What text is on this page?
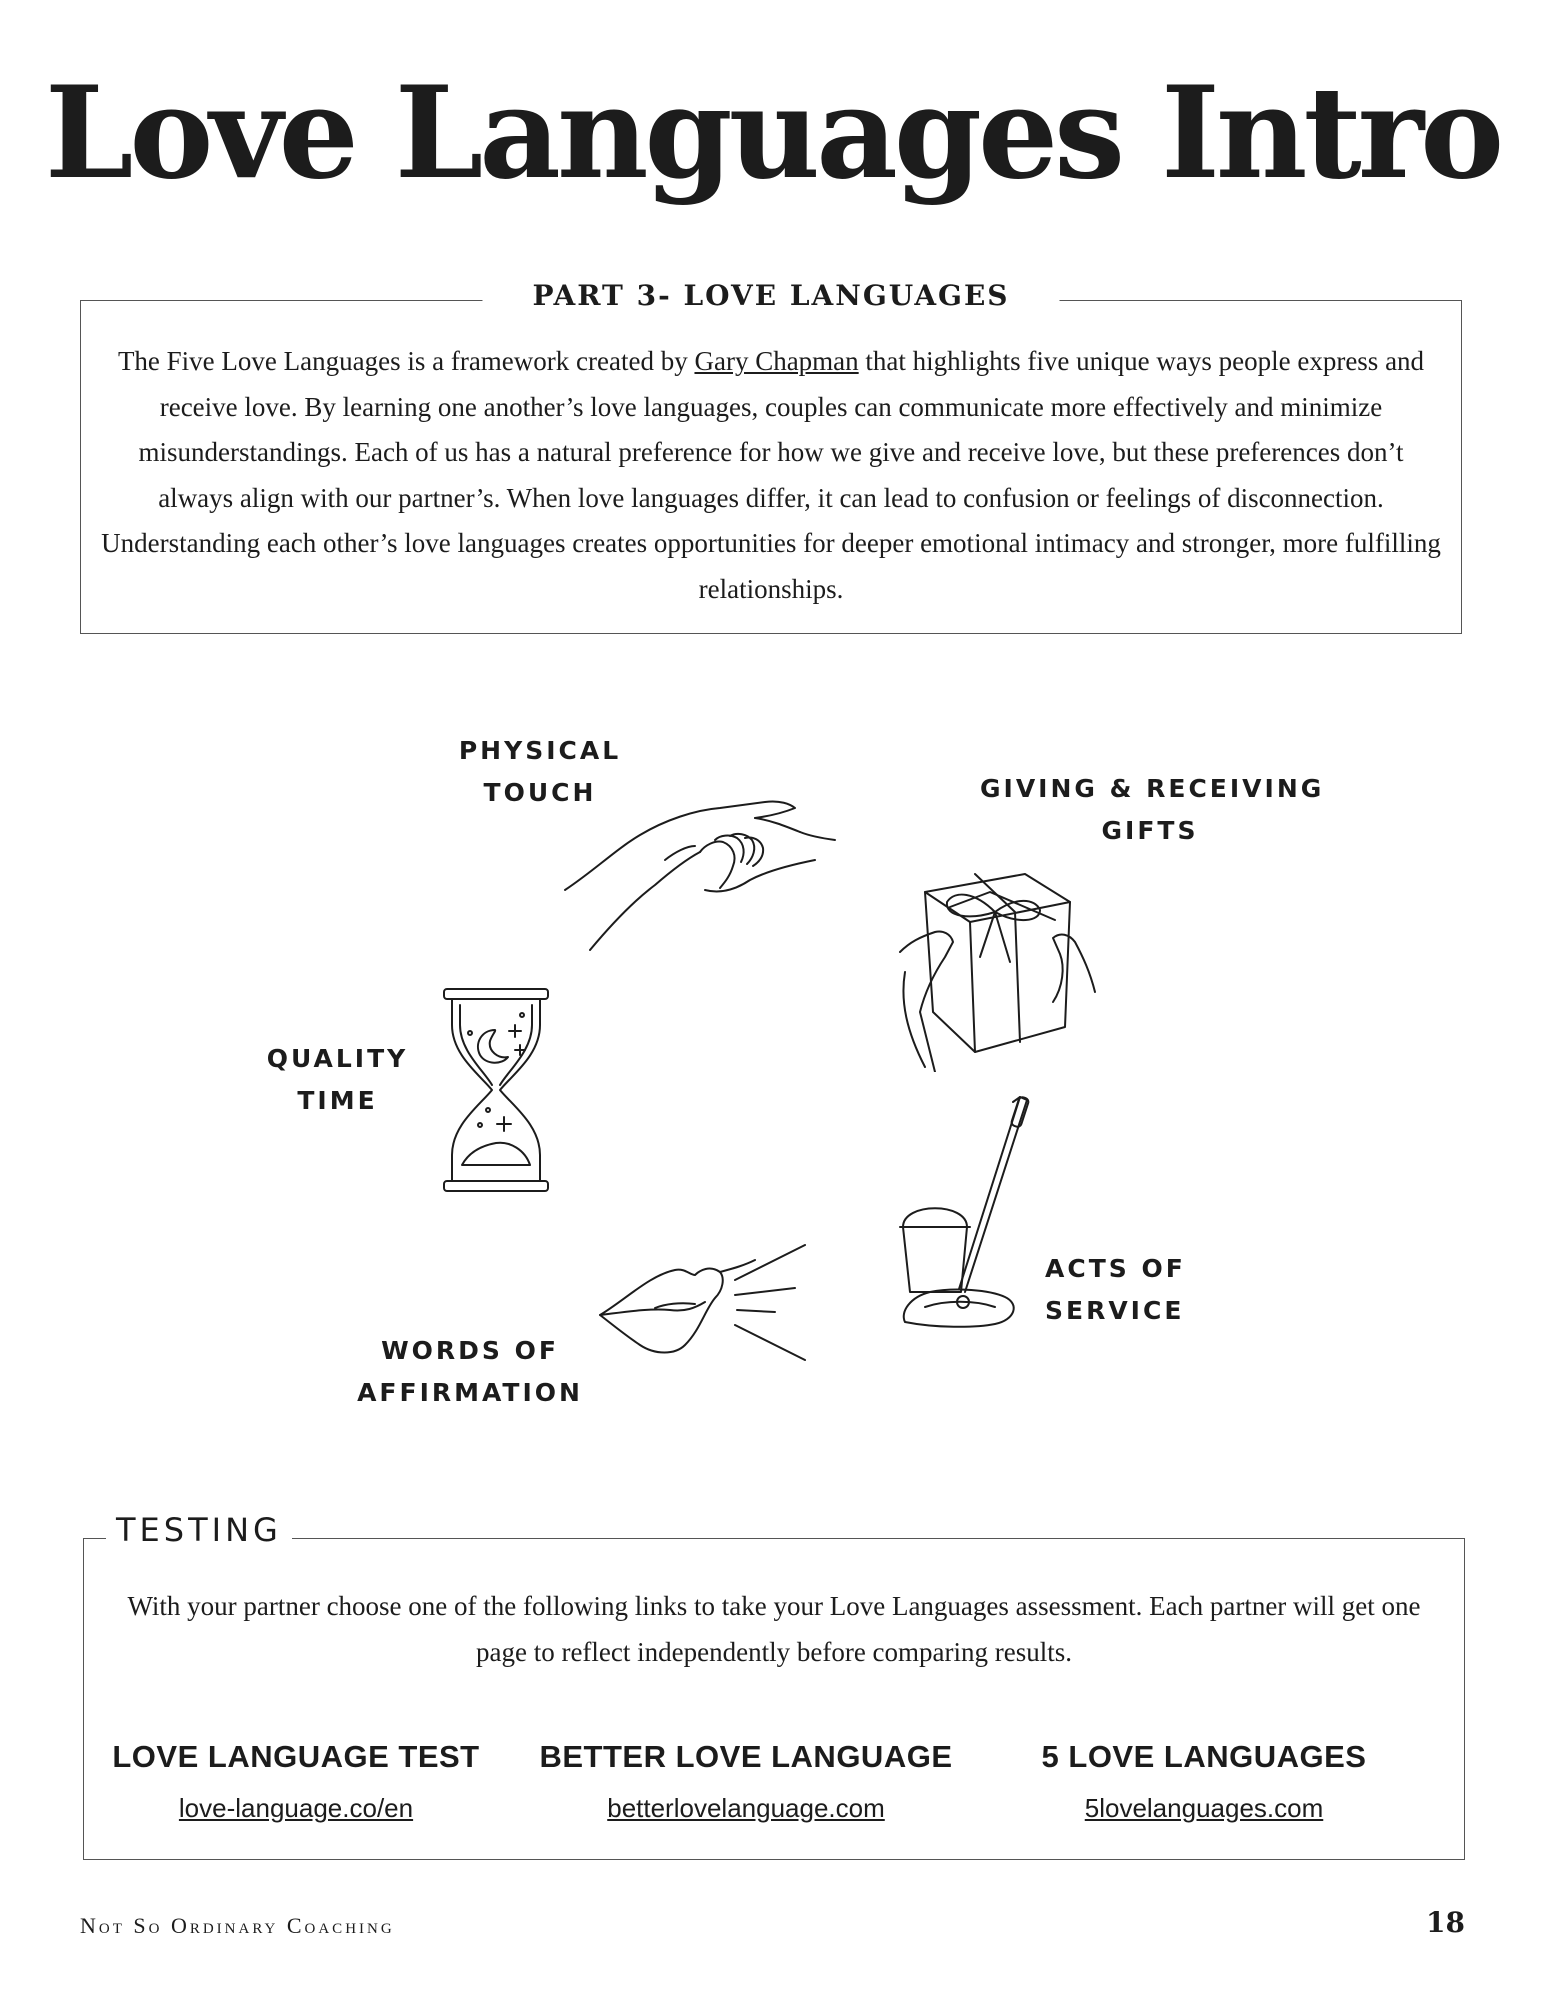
Love Languages Intro
PART 3- LOVE LANGUAGES
The Five Love Languages is a framework created by Gary Chapman that highlights five unique ways people express and receive love. By learning one another’s love languages, couples can communicate more effectively and minimize misunderstandings. Each of us has a natural preference for how we give and receive love, but these preferences don’t always align with our partner’s. When love languages differ, it can lead to confusion or feelings of disconnection. Understanding each other’s love languages creates opportunities for deeper emotional intimacy and stronger, more fulfilling relationships.
PHYSICAL
TOUCH	GIVING & RECEIVING
GIFTS
QUALITY
TIME
ACTS OF
SERVICE
WORDS OF
AFFIRMATION
TESTING
With your partner choose one of the following links to take your Love Languages assessment. Each partner will get one page to reflect independently before comparing results.
LOVE LANGUAGE TEST
love-language.co/en
BETTER LOVE LANGUAGE
betterlovelanguage.com
5 LOVE LANGUAGES
5lovelanguages.com
Not So Ordinary Coaching	18
